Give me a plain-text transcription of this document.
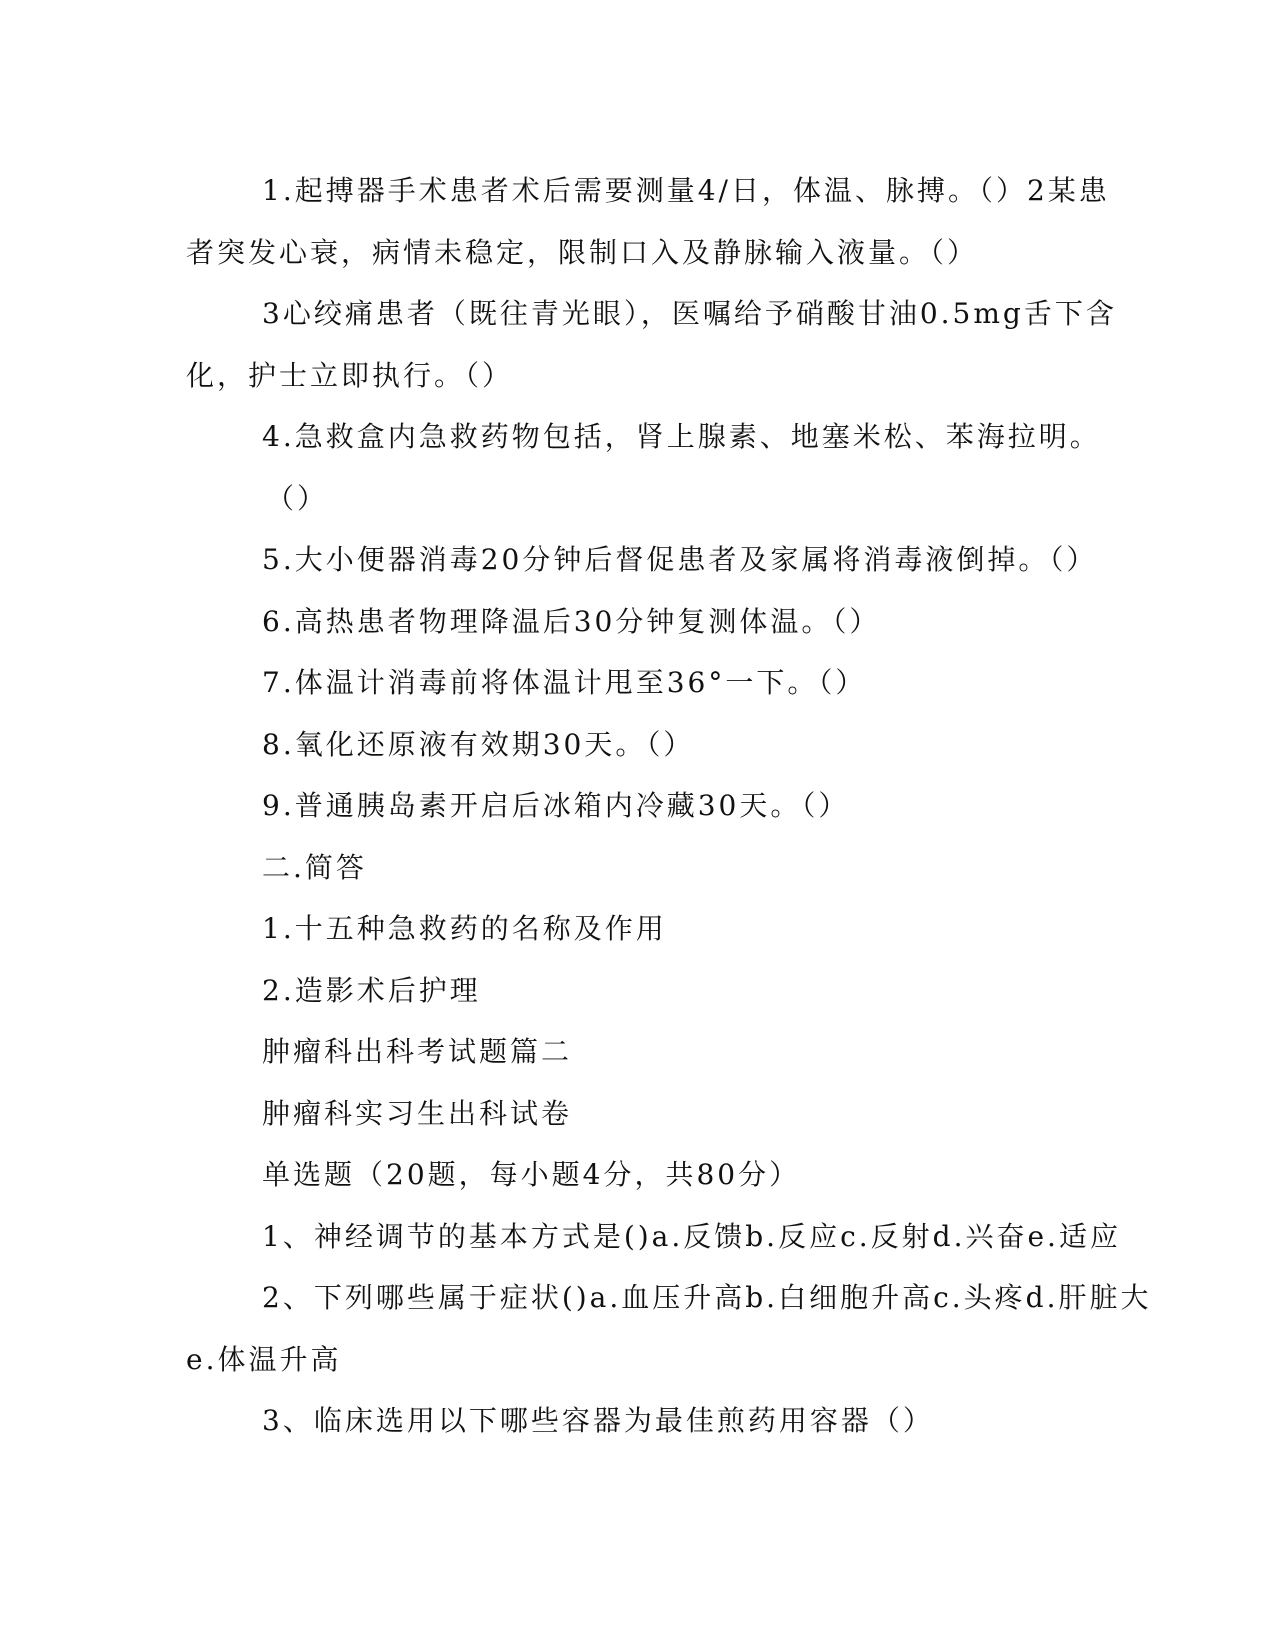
1.起搏器手术患者术后需要测量4/日，体温、脉搏。（）2某患
者突发心衰，病情未稳定，限制口入及静脉输入液量。（）
3心绞痛患者（既往青光眼），医嘱给予硝酸甘油0.5mg舌下含
化，护士立即执行。（）
4.急救盒内急救药物包括，肾上腺素、地塞米松、苯海拉明。
（）
5.大小便器消毒20分钟后督促患者及家属将消毒液倒掉。（）
6.高热患者物理降温后30分钟复测体温。（）
7.体温计消毒前将体温计甩至36°一下。（）
8.氧化还原液有效期30天。（）
9.普通胰岛素开启后冰箱内冷藏30天。（）
二.简答
1.十五种急救药的名称及作用
2.造影术后护理
肿瘤科出科考试题篇二
肿瘤科实习生出科试卷
单选题（20题，每小题4分，共80分）
1、神经调节的基本方式是()a.反馈b.反应c.反射d.兴奋e.适应
2、下列哪些属于症状()a.血压升高b.白细胞升高c.头疼d.肝脏大
e.体温升高
3、临床选用以下哪些容器为最佳煎药用容器（）
